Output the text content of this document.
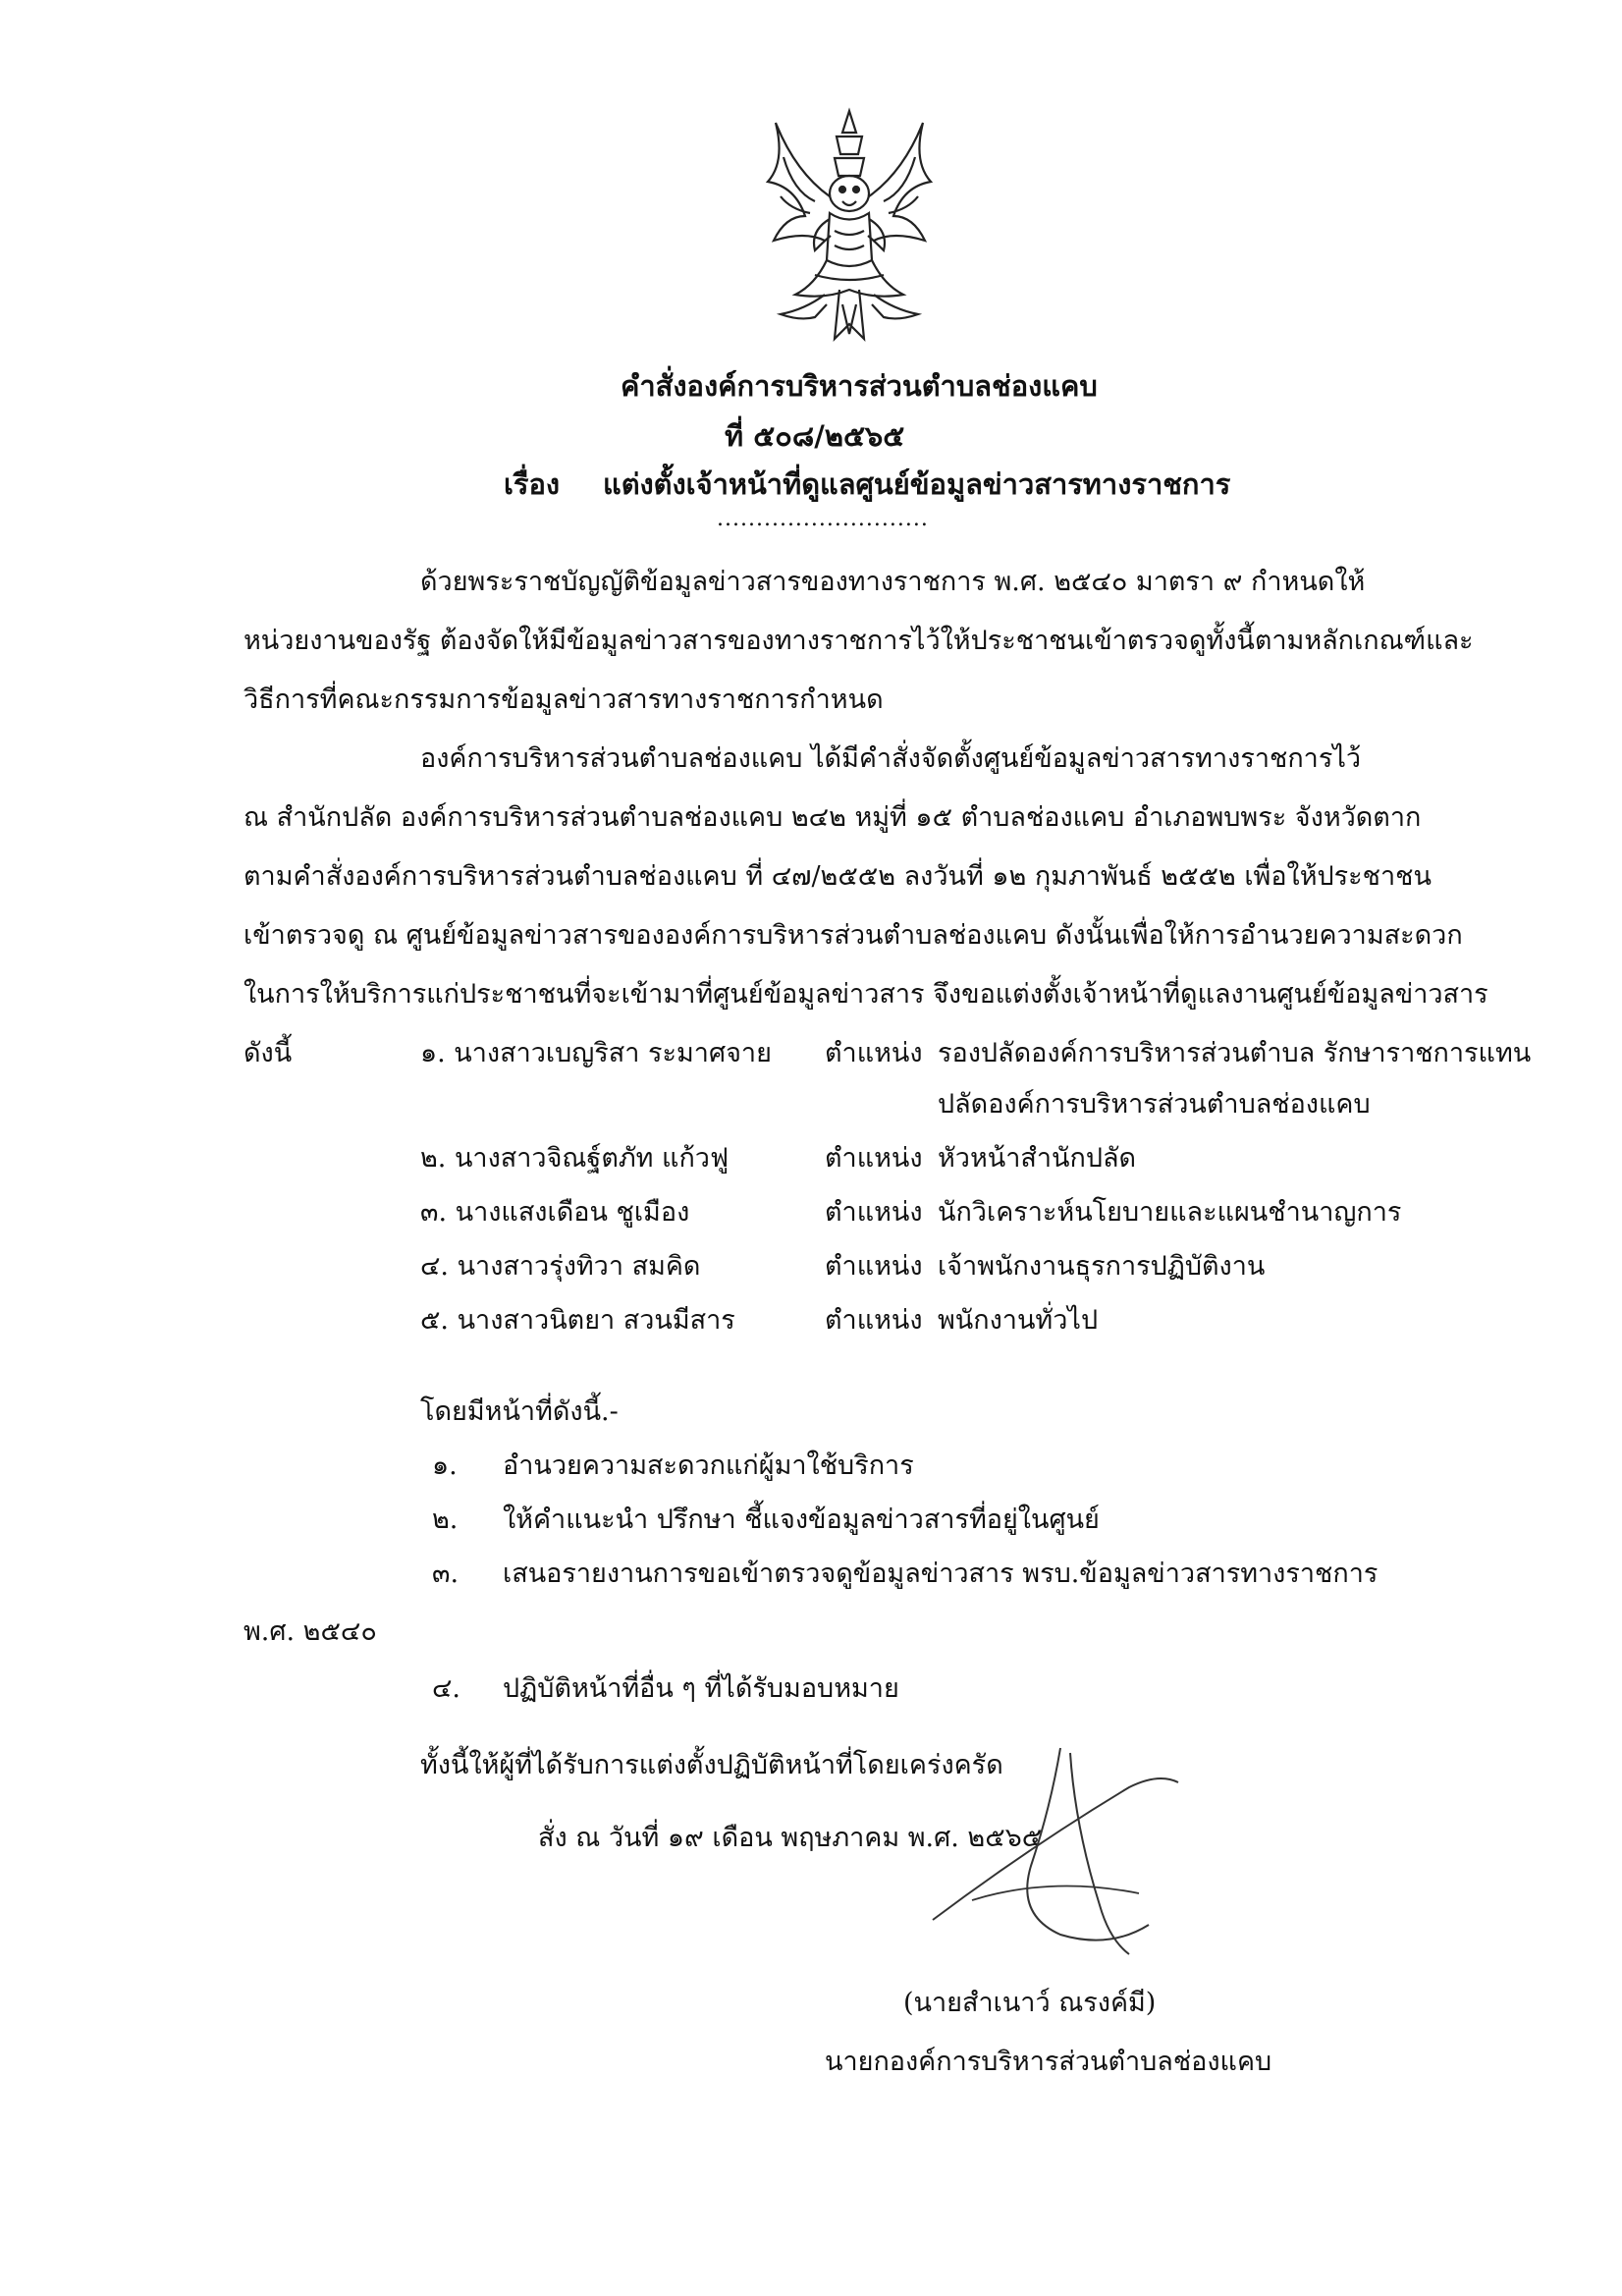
คำสั่งองค์การบริหารส่วนตำบลช่องแคบ
ที่ ๕๐๘/๒๕๖๕
เรื่อง แต่งตั้งเจ้าหน้าที่ดูแลศูนย์ข้อมูลข่าวสารทางราชการ
...........................
ด้วยพระราชบัญญัติข้อมูลข่าวสารของทางราชการ พ.ศ. ๒๕๔๐ มาตรา ๙ กำหนดให้
หน่วยงานของรัฐ ต้องจัดให้มีข้อมูลข่าวสารของทางราชการไว้ให้ประชาชนเข้าตรวจดูทั้งนี้ตามหลักเกณฑ์และ
วิธีการที่คณะกรรมการข้อมูลข่าวสารทางราชการกำหนด
องค์การบริหารส่วนตำบลช่องแคบ ได้มีคำสั่งจัดตั้งศูนย์ข้อมูลข่าวสารทางราชการไว้
ณ สำนักปลัด องค์การบริหารส่วนตำบลช่องแคบ ๒๔๒ หมู่ที่ ๑๕ ตำบลช่องแคบ อำเภอพบพระ จังหวัดตาก
ตามคำสั่งองค์การบริหารส่วนตำบลช่องแคบ ที่ ๔๗/๒๕๕๒ ลงวันที่ ๑๒ กุมภาพันธ์ ๒๕๕๒ เพื่อให้ประชาชน
เข้าตรวจดู ณ ศูนย์ข้อมูลข่าวสารขององค์การบริหารส่วนตำบลช่องแคบ ดังนั้นเพื่อให้การอำนวยความสะดวก
ในการให้บริการแก่ประชาชนที่จะเข้ามาที่ศูนย์ข้อมูลข่าวสาร จึงขอแต่งตั้งเจ้าหน้าที่ดูแลงานศูนย์ข้อมูลข่าวสาร
ดังนี้	๑. นางสาวเบญริสา ระมาศจาย ตำแหน่ง รองปลัดองค์การบริหารส่วนตำบล รักษาราชการแทน
ปลัดองค์การบริหารส่วนตำบลช่องแคบ
๒. นางสาวจิณฐ์ตภัท แก้วฟู	ตำแหน่ง หัวหน้าสำนักปลัด
๓. นางแสงเดือน ชูเมือง	ตำแหน่ง นักวิเคราะห์นโยบายและแผนชำนาญการ
๔. นางสาวรุ่งทิวา สมคิด	ตำแหน่ง เจ้าพนักงานธุรการปฏิบัติงาน
๕. นางสาวนิตยา สวนมีสาร	ตำแหน่ง พนักงานทั่วไป
โดยมีหน้าที่ดังนี้.-
๑. อำนวยความสะดวกแก่ผู้มาใช้บริการ
๒. ให้คำแนะนำ ปรึกษา ชี้แจงข้อมูลข่าวสารที่อยู่ในศูนย์
๓. เสนอรายงานการขอเข้าตรวจดูข้อมูลข่าวสาร พรบ.ข้อมูลข่าวสารทางราชการ
พ.ศ. ๒๕๔๐
๔. ปฏิบัติหน้าที่อื่น ๆ ที่ได้รับมอบหมาย
ทั้งนี้ให้ผู้ที่ได้รับการแต่งตั้งปฏิบัติหน้าที่โดยเคร่งครัด
สั่ง ณ วันที่ ๑๙ เดือน พฤษภาคม พ.ศ. ๒๕๖๕
(นายสำเนาว์ ณรงค์มี)
นายกองค์การบริหารส่วนตำบลช่องแคบ
